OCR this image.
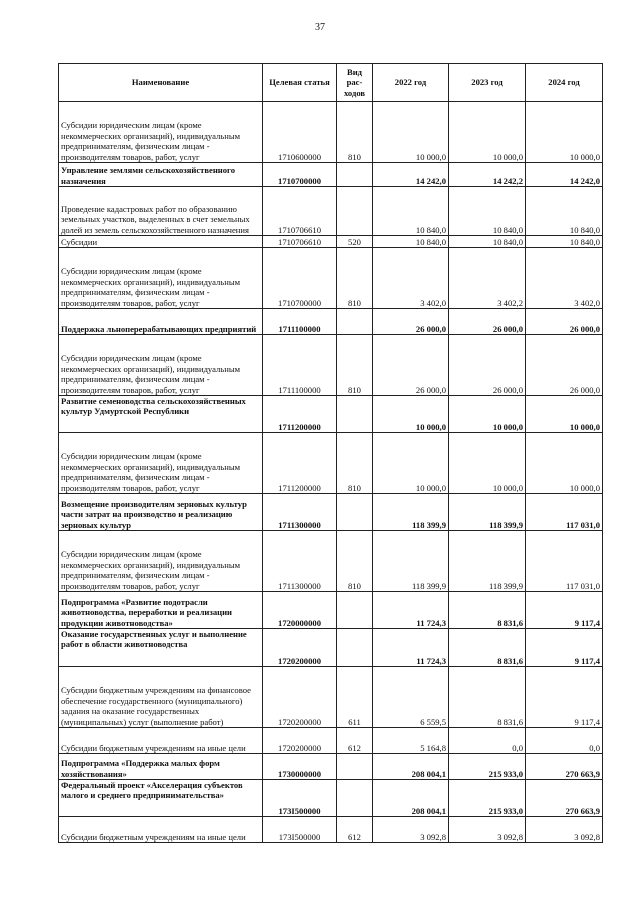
37
Наименование	Целевая статья	Вид рас-ходов	2022 год	2023 год	2024 год
Субсидии юридическим лицам (кроме некоммерческих организаций), индивидуальным предпринимателям, физическим лицам - производителям товаров, работ, услуг	1710600000	810	10 000,0	10 000,0	10 000,0
Управление землями сельскохозяйственного назначения	1710700000		14 242,0	14 242,2	14 242,0
Проведение кадастровых работ по образованию земельных участков, выделенных в счет земельных долей из земель сельскохозяйственного назначения	1710706610		10 840,0	10 840,0	10 840,0
Субсидии	1710706610	520	10 840,0	10 840,0	10 840,0
Субсидии юридическим лицам (кроме некоммерческих организаций), индивидуальным предпринимателям, физическим лицам - производителям товаров, работ, услуг	1710700000	810	3 402,0	3 402,2	3 402,0
Поддержка льноперерабатывающих предприятий	1711100000		26 000,0	26 000,0	26 000,0
Субсидии юридическим лицам (кроме некоммерческих организаций), индивидуальным предпринимателям, физическим лицам - производителям товаров, работ, услуг	1711100000	810	26 000,0	26 000,0	26 000,0
Развитие семеноводства сельскохозяйственных культур Удмуртской Республики	1711200000		10 000,0	10 000,0	10 000,0
Субсидии юридическим лицам (кроме некоммерческих организаций), индивидуальным предпринимателям, физическим лицам - производителям товаров, работ, услуг	1711200000	810	10 000,0	10 000,0	10 000,0
Возмещение производителям зерновых культур части затрат на производство и реализацию зерновых культур	1711300000		118 399,9	118 399,9	117 031,0
Субсидии юридическим лицам (кроме некоммерческих организаций), индивидуальным предпринимателям, физическим лицам - производителям товаров, работ, услуг	1711300000	810	118 399,9	118 399,9	117 031,0
Подпрограмма «Развитие подотрасли животноводства, переработки и реализации продукции животноводства»	1720000000		11 724,3	8 831,6	9 117,4
Оказание государственных услуг и выполнение работ в области животноводства	1720200000		11 724,3	8 831,6	9 117,4
Субсидии бюджетным учреждениям на финансовое обеспечение государственного (муниципального) задания на оказание государственных (муниципальных) услуг (выполнение работ)	1720200000	611	6 559,5	8 831,6	9 117,4
Субсидии бюджетным учреждениям на иные цели	1720200000	612	5 164,8	0,0	0,0
Подпрограмма «Поддержка малых форм хозяйствования»	1730000000		208 004,1	215 933,0	270 663,9
Федеральный проект «Акселерация субъектов малого и среднего предпринимательства»	173I500000		208 004,1	215 933,0	270 663,9
Субсидии бюджетным учреждениям на иные цели	173I500000	612	3 092,8	3 092,8	3 092,8
